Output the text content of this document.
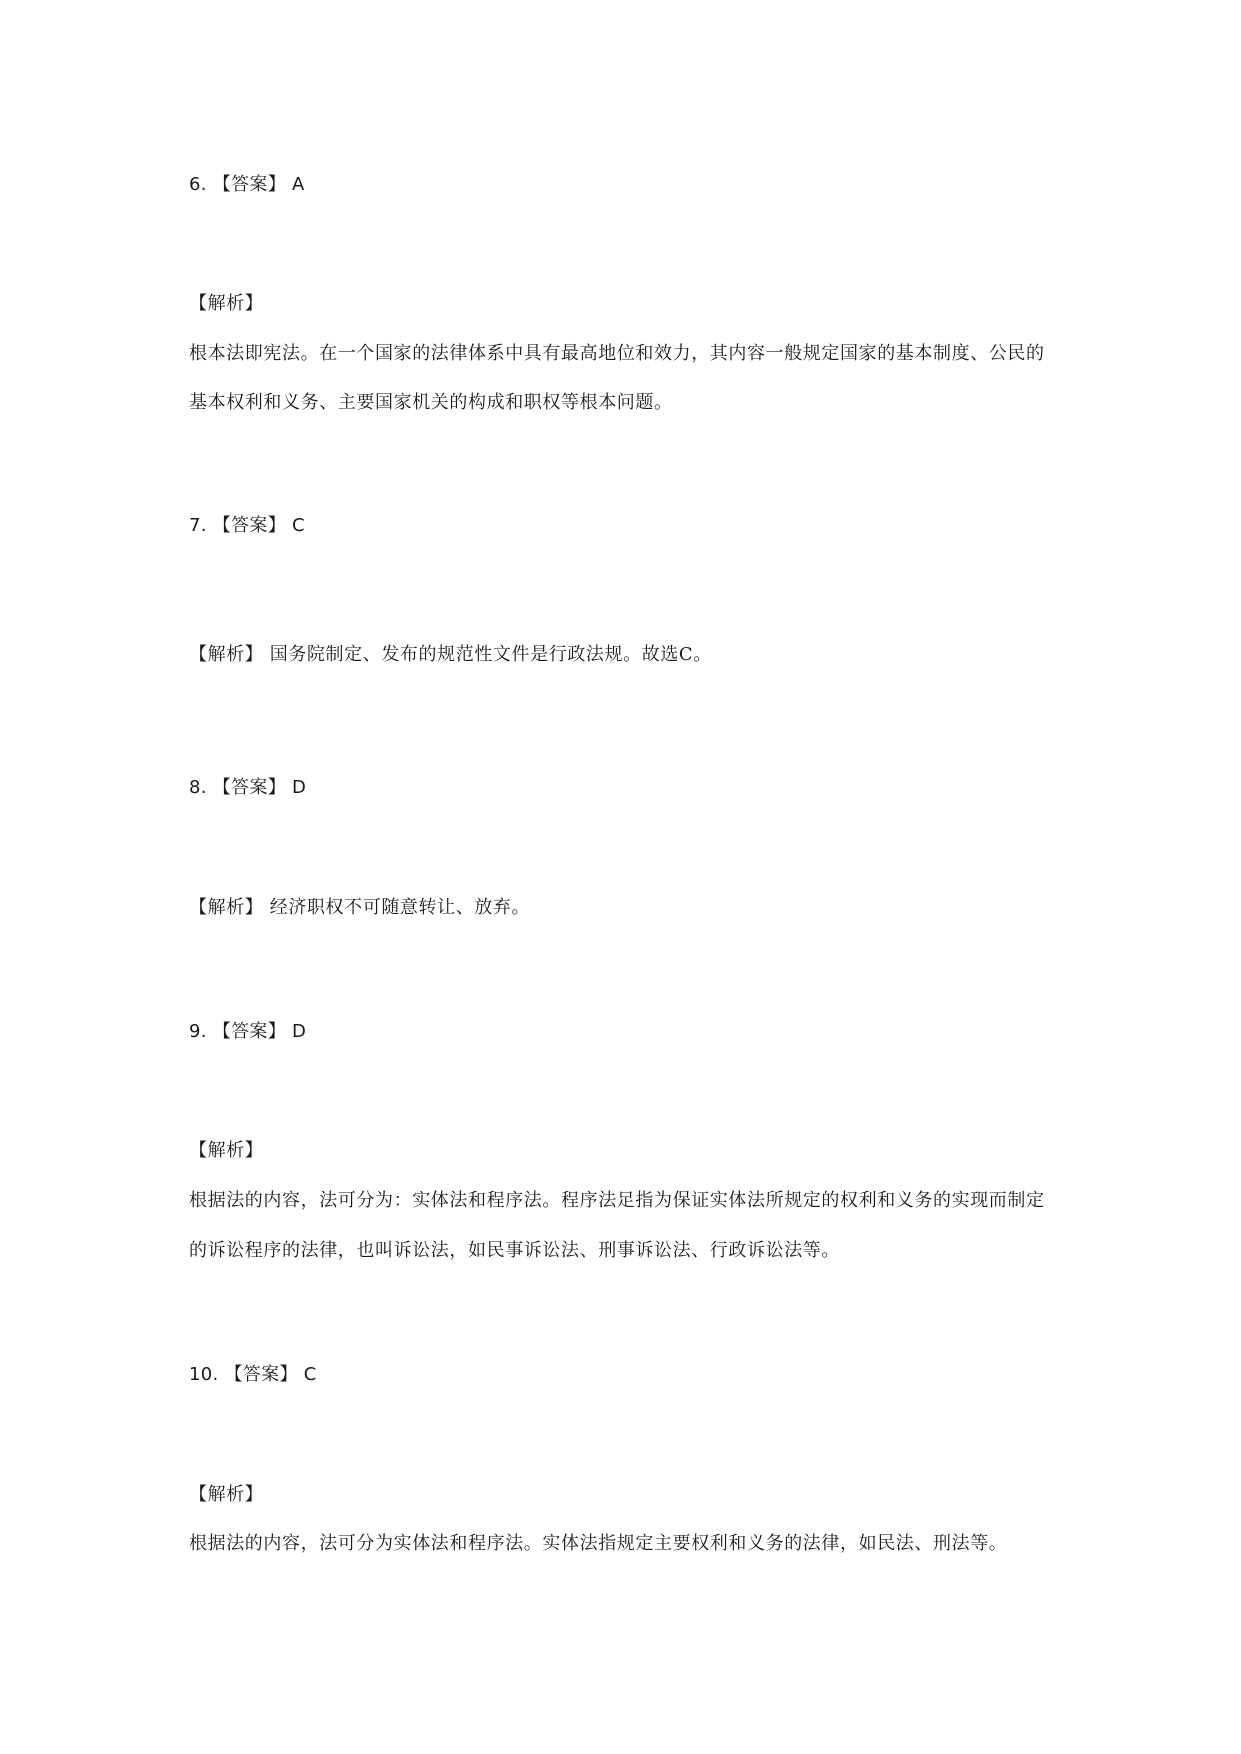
6. 【答案】 A
【解析】
根本法即宪法。在一个国家的法律体系中具有最高地位和效力，其内容一般规定国家的基本制度、公民的
基本权利和义务、主要国家机关的构成和职权等根本问题。
7. 【答案】 C
【解析】 国务院制定、发布的规范性文件是行政法规。故选C。
8. 【答案】 D
【解析】 经济职权不可随意转让、放弃。
9. 【答案】 D
【解析】
根据法的内容，法可分为：实体法和程序法。程序法足指为保证实体法所规定的权利和义务的实现而制定
的诉讼程序的法律，也叫诉讼法，如民事诉讼法、刑事诉讼法、行政诉讼法等。
10. 【答案】 C
【解析】
根据法的内容，法可分为实体法和程序法。实体法指规定主要权利和义务的法律，如民法、刑法等。
